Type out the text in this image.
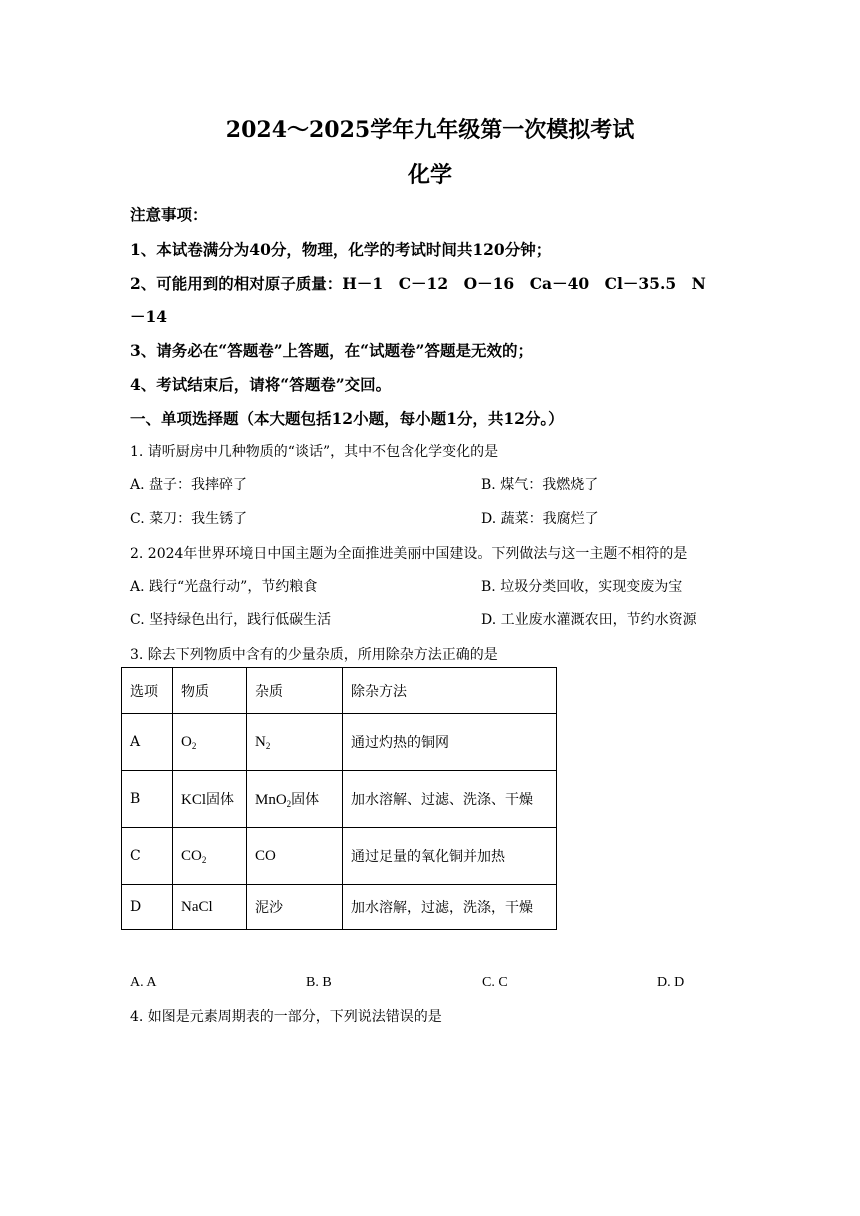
2024～2025学年九年级第一次模拟考试
化学
注意事项：
1、本试卷满分为40分，物理，化学的考试时间共120分钟；
2、可能用到的相对原子质量：H－1　C－12　O－16　Ca－40　Cl－35.5　N
－14
3、请务必在“答题卷”上答题，在“试题卷”答题是无效的；
4、考试结束后，请将“答题卷”交回。
一、单项选择题（本大题包括12小题，每小题1分，共12分。）
1. 请听厨房中几种物质的“谈话”，其中不包含化学变化的是
A. 盘子：我摔碎了	B. 煤气：我燃烧了
C. 菜刀：我生锈了	D. 蔬菜：我腐烂了
2. 2024年世界环境日中国主题为全面推进美丽中国建设。下列做法与这一主题不相符的是
A. 践行“光盘行动”，节约粮食	B. 垃圾分类回收，实现变废为宝
C. 坚持绿色出行，践行低碳生活	D. 工业废水灌溉农田，节约水资源
3. 除去下列物质中含有的少量杂质，所用除杂方法正确的是
选项	物质	杂质	除杂方法
A	$O_2$	$N_2$	通过灼热的铜网
B	KCl固体	MnO$_2$固体	加水溶解、过滤、洗涤、干燥
C	$CO_2$	CO	通过足量的氧化铜并加热
D	NaCl	泥沙	加水溶解，过滤，洗涤，干燥
A. A	B. B	C. C	D. D
4. 如图是元素周期表的一部分，下列说法错误的是
